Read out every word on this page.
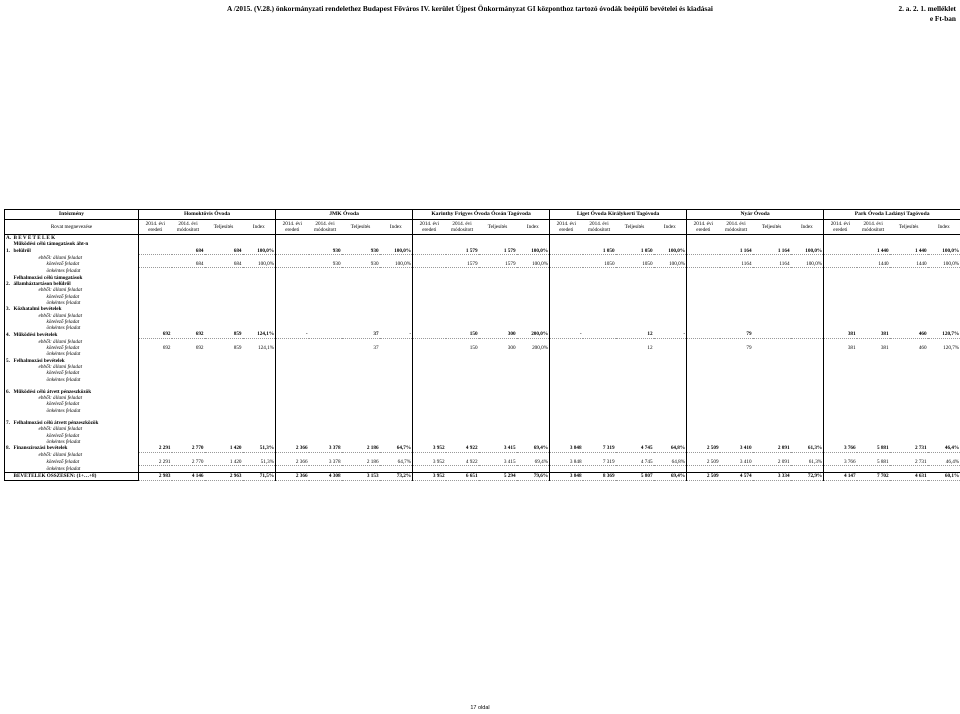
A /2015. (V.28.) önkormányzati rendelethez Budapest Főváros IV. kerület Újpest Önkormányzat GI központhoz tartozó óvodák beépülő bevételei és kiadásai	2. a. 2. 1. melléklet
e Ft-ban
Intézmény		Homoktövis Óvoda				JMK Óvoda				Karinthy Frigyes Óvoda Óceán Tagóvoda				Liget Óvoda Királykerti Tagóvoda				Nyár Óvoda				Park Óvoda Ladányi Tagóvoda			
Rovat megnevezése		2014. évi eredeti	2014. évi módosított	Teljesítés	Index	2014. évi eredeti	2014. évi módosított	Teljesítés	Index	2014. évi eredeti	2014. évi módosított	Teljesítés	Index	2014. évi eredeti	2014. évi módosított	Teljesítés	Index	2014. évi eredeti	2014. évi módosított	Teljesítés	Index	2014. évi eredeti	2014. évi módosított	Teljesítés	Index
A.	B E V É T E L E K																								
	Működési célú támogatások áht-n																								
1.	belülről		684	684	100,0%		930	930	100,0%		1 579	1 579	100,0%		1 050	1 050	100,0%		1 164	1 164	100,0%		1 440	1 440	100,0%
	ebből: állami feladat																								
	kötelező feladat		684	684	100,0%		930	930	100,0%		1579	1579	100,0%		1050	1050	100,0%		1164	1164	100,0%		1440	1440	100,0%
	önkéntes feladat																								
	Felhalmozási célú támogatások																								
2.	államháztartáson belülről																								
	ebből: állami feladat																								
	kötelező feladat																								
	önkéntes feladat																								
3.	Közhatalmi bevételek																								
	ebből: állami feladat																								
	kötelező feladat																								
	önkéntes feladat																								
4.	Működési bevételek	692	692	859	124,1%	-		37	-		150	300	200,0%	-		12	-		79			381	381	460	120,7%
	ebből: állami feladat																								
	kötelező feladat	692	692	859	124,1%			37			150	300	200,0%			12			79			381	381	460	120,7%
	önkéntes feladat																								
5.	Felhalmozási bevételek																								
	ebből: állami feladat																								
	kötelező feladat																								
	önkéntes feladat																								

6.	Működési célú átvett pénzeszközök																								
	ebből: állami feladat																								
	kötelező feladat																								
	önkéntes feladat																								

7.	Felhalmozási célú átvett pénzeszközök																								
	ebből: állami feladat																								
	kötelező feladat																								
	önkéntes feladat																								
8.	Finanszírozási bevételek	2 291	2 770	1 420	51,3%	2 366	3 378	2 186	64,7%	3 952	4 922	3 415	69,4%	3 848	7 319	4 745	64,8%	2 509	3 410	2 091	61,3%	3 766	5 881	2 731	46,4%
	ebből: állami feladat																								
	kötelező feladat	2 291	2 770	1 420	51,3%	2 366	3 378	2 186	64,7%	3 952	4 922	3 415	69,4%	3 848	7 319	4 745	64,8%	2 509	3 410	2 091	61,3%	3 766	5 881	2 731	46,4%
	önkéntes feladat																								
	BEVÉTELEK ÖSSZESEN: (1+…+8)	2 983	4 146	2 963	71,5%	2 366	4 308	3 153	73,2%	3 952	6 651	5 294	79,6%	3 848	8 369	5 807	69,4%	2 509	4 574	3 334	72,9%	4 147	7 702	4 631	60,1%
17 oldal
